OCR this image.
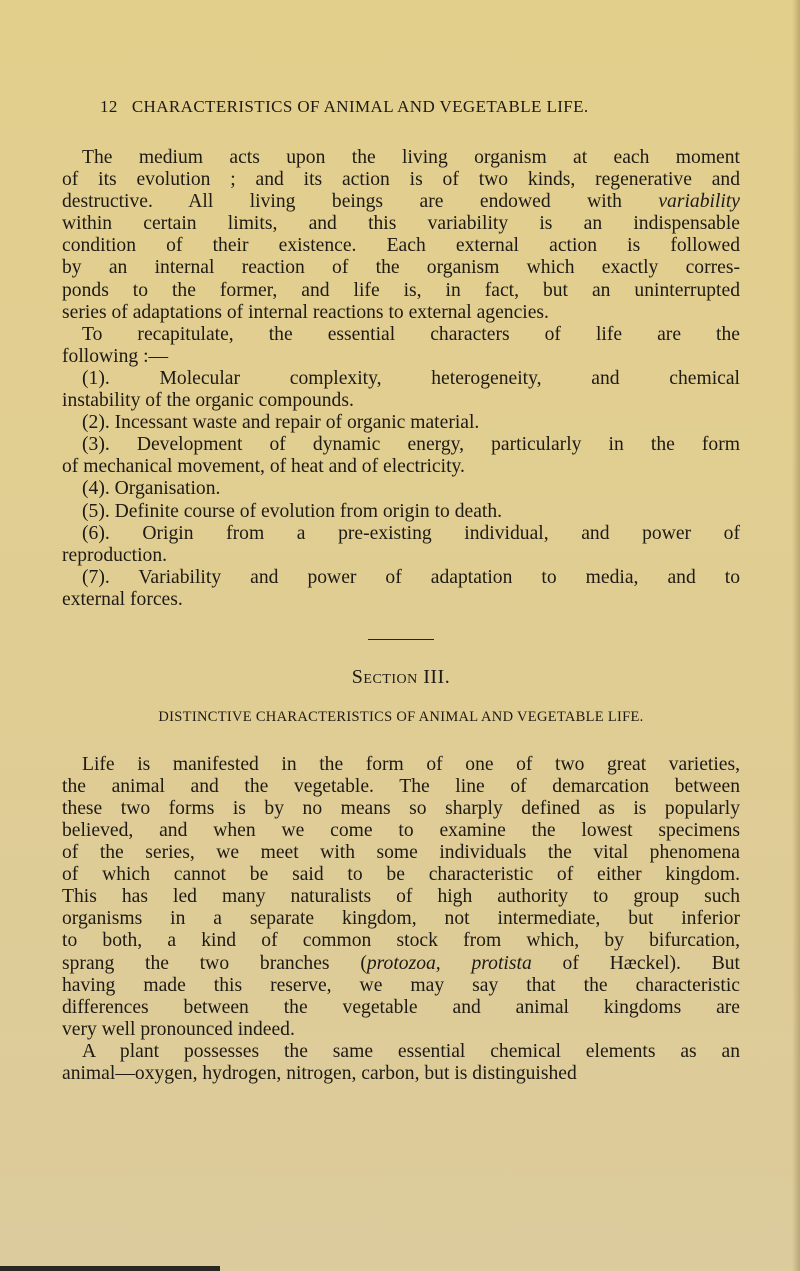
12 CHARACTERISTICS OF ANIMAL AND VEGETABLE LIFE.
The medium acts upon the living organism at each moment
of its evolution ; and its action is of two kinds, regenerative and
destructive. All living beings are endowed with variability
within certain limits, and this variability is an indispensable
condition of their existence. Each external action is followed
by an internal reaction of the organism which exactly corres-
ponds to the former, and life is, in fact, but an uninterrupted
series of adaptations of internal reactions to external agencies.
To recapitulate, the essential characters of life are the
following :—
(1). Molecular complexity, heterogeneity, and chemical
instability of the organic compounds.
(2). Incessant waste and repair of organic material.
(3). Development of dynamic energy, particularly in the form
of mechanical movement, of heat and of electricity.
(4). Organisation.
(5). Definite course of evolution from origin to death.
(6). Origin from a pre-existing individual, and power of
reproduction.
(7). Variability and power of adaptation to media, and to
external forces.
Section III.
DISTINCTIVE CHARACTERISTICS OF ANIMAL AND VEGETABLE LIFE.
Life is manifested in the form of one of two great varieties,
the animal and the vegetable. The line of demarcation between
these two forms is by no means so sharply defined as is popularly
believed, and when we come to examine the lowest specimens
of the series, we meet with some individuals the vital phenomena
of which cannot be said to be characteristic of either kingdom.
This has led many naturalists of high authority to group such
organisms in a separate kingdom, not intermediate, but inferior
to both, a kind of common stock from which, by bifurcation,
sprang the two branches (protozoa, protista of Hæckel). But
having made this reserve, we may say that the characteristic
differences between the vegetable and animal kingdoms are
very well pronounced indeed.
A plant possesses the same essential chemical elements as an
animal—oxygen, hydrogen, nitrogen, carbon, but is distinguished
